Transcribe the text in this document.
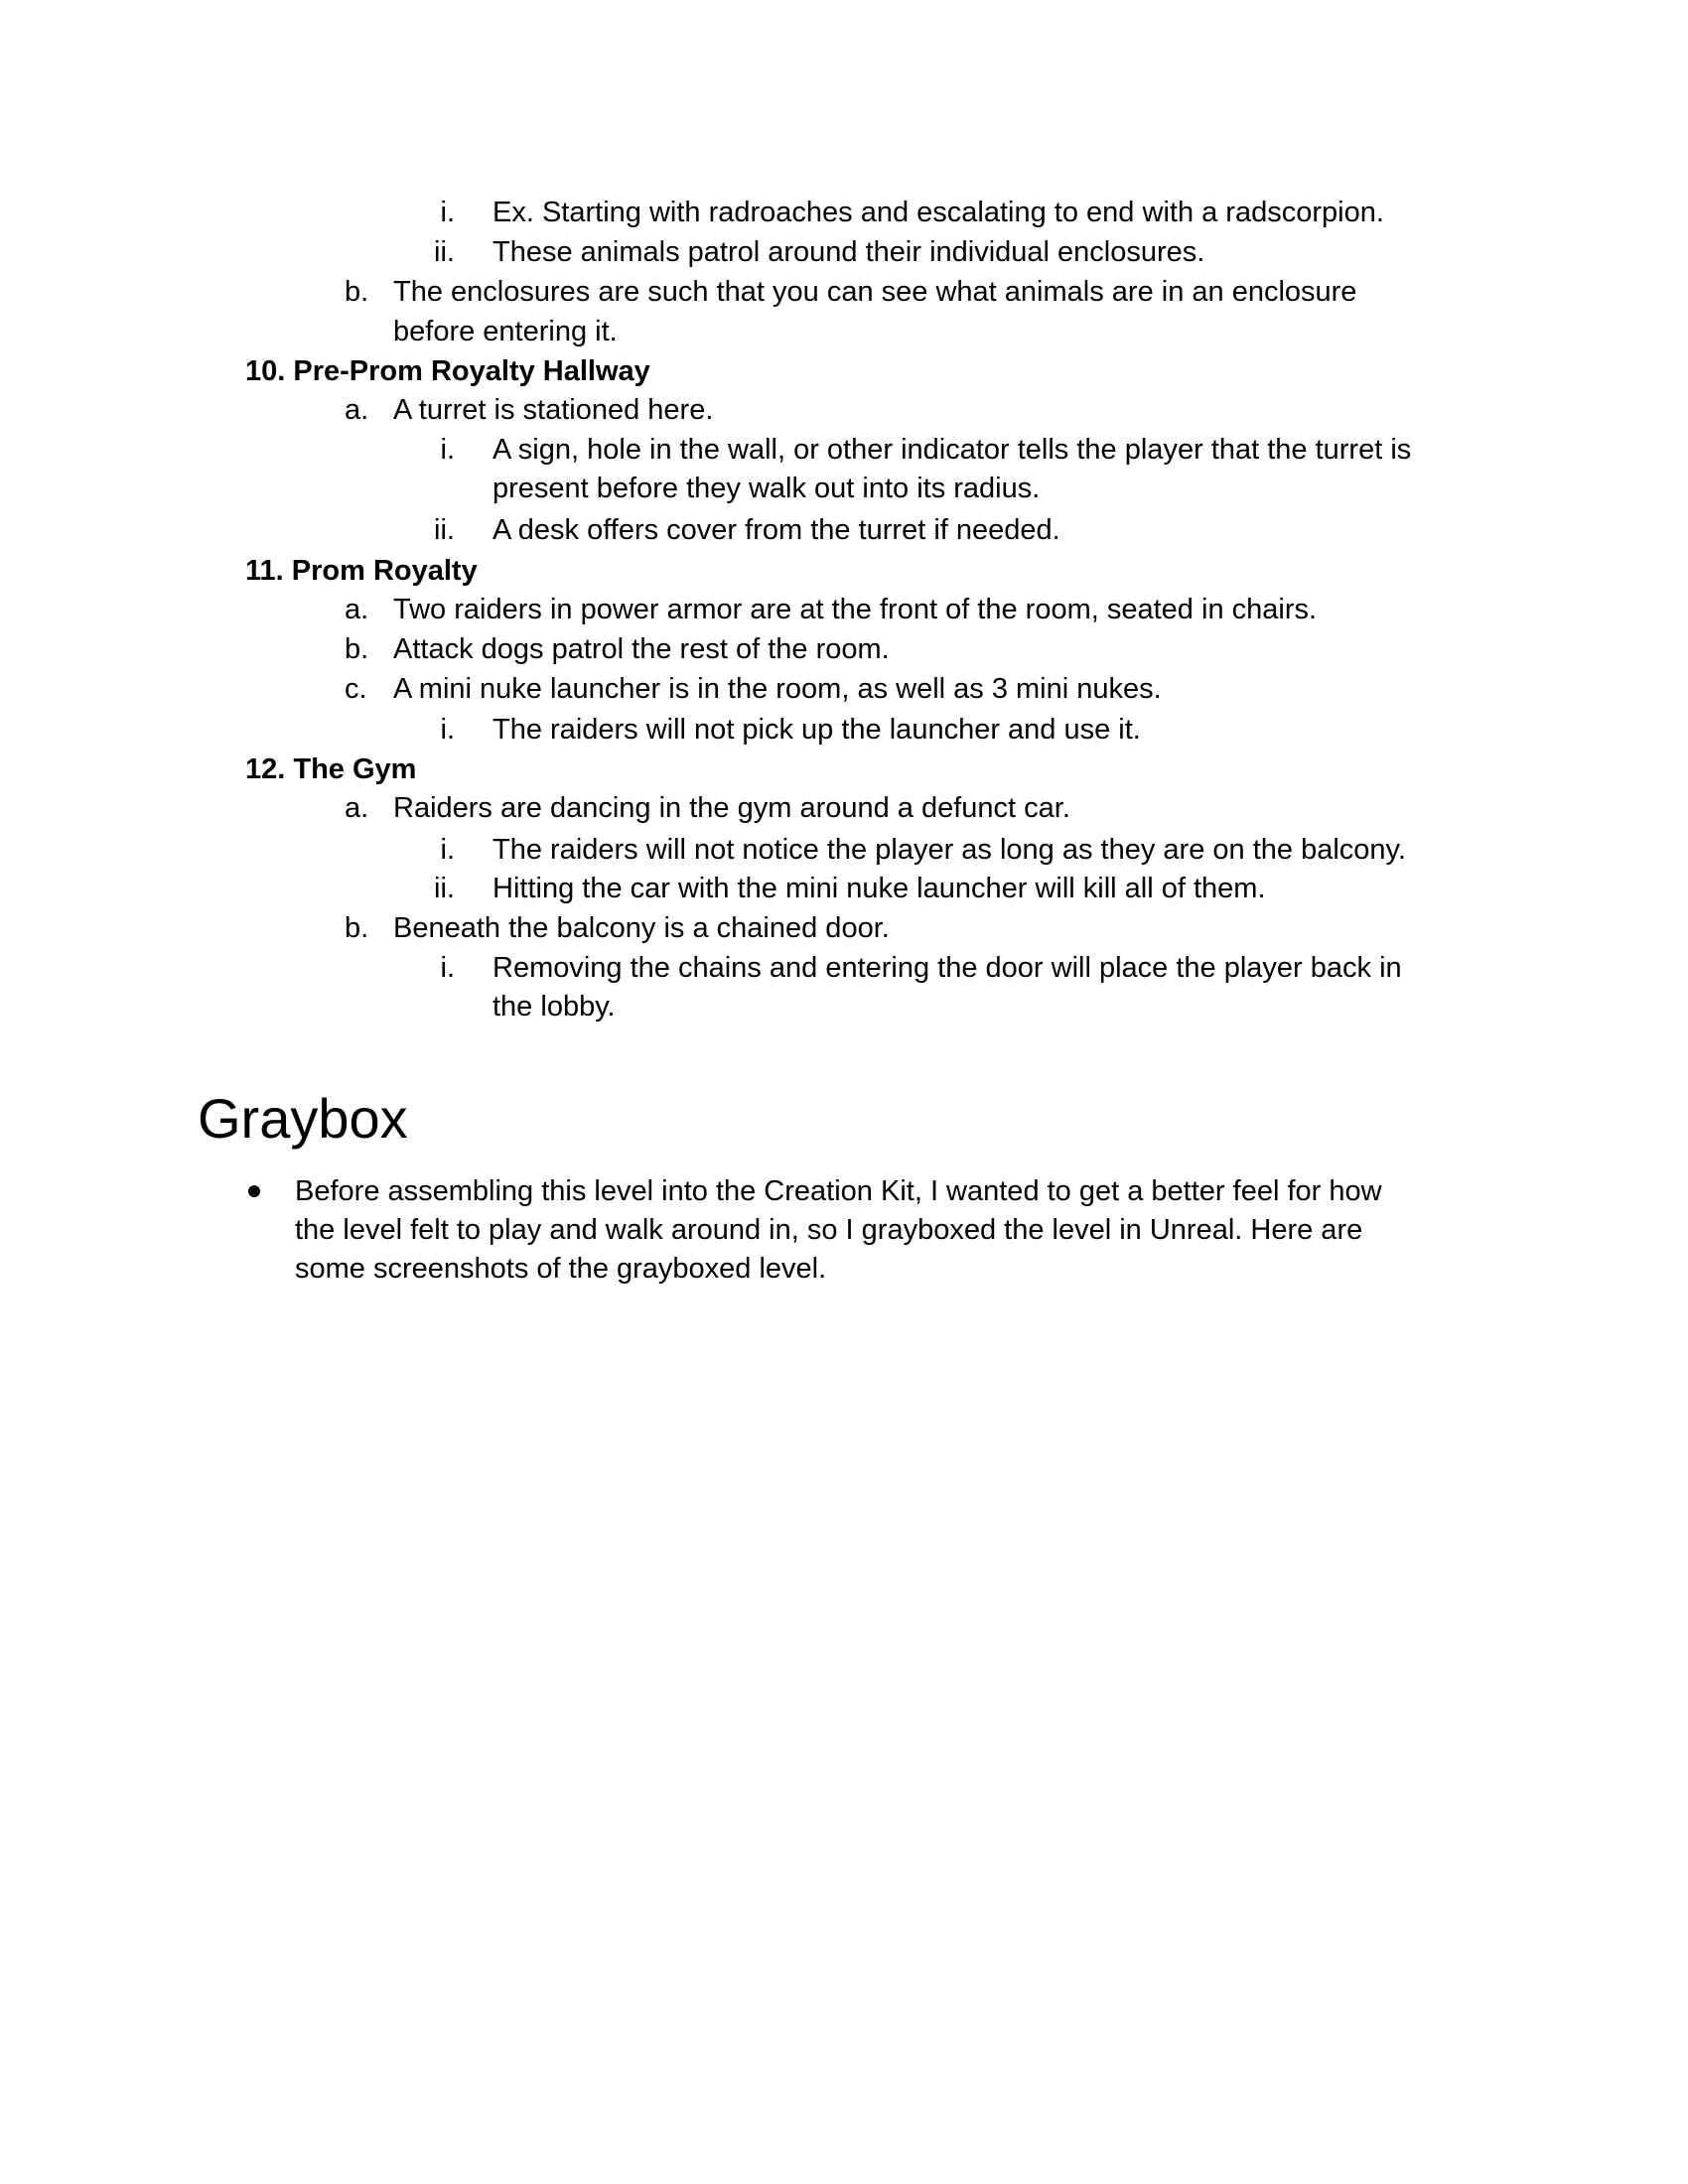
i. Ex. Starting with radroaches and escalating to end with a radscorpion.
ii. These animals patrol around their individual enclosures.
b. The enclosures are such that you can see what animals are in an enclosure
before entering it.
10. Pre-Prom Royalty Hallway
a. A turret is stationed here.
i. A sign, hole in the wall, or other indicator tells the player that the turret is
present before they walk out into its radius.
ii. A desk offers cover from the turret if needed.
11. Prom Royalty
a. Two raiders in power armor are at the front of the room, seated in chairs.
b. Attack dogs patrol the rest of the room.
c. A mini nuke launcher is in the room, as well as 3 mini nukes.
i. The raiders will not pick up the launcher and use it.
12. The Gym
a. Raiders are dancing in the gym around a defunct car.
i. The raiders will not notice the player as long as they are on the balcony.
ii. Hitting the car with the mini nuke launcher will kill all of them.
b. Beneath the balcony is a chained door.
i. Removing the chains and entering the door will place the player back in
the lobby.
Graybox
Before assembling this level into the Creation Kit, I wanted to get a better feel for how
the level felt to play and walk around in, so I grayboxed the level in Unreal. Here are
some screenshots of the grayboxed level.
